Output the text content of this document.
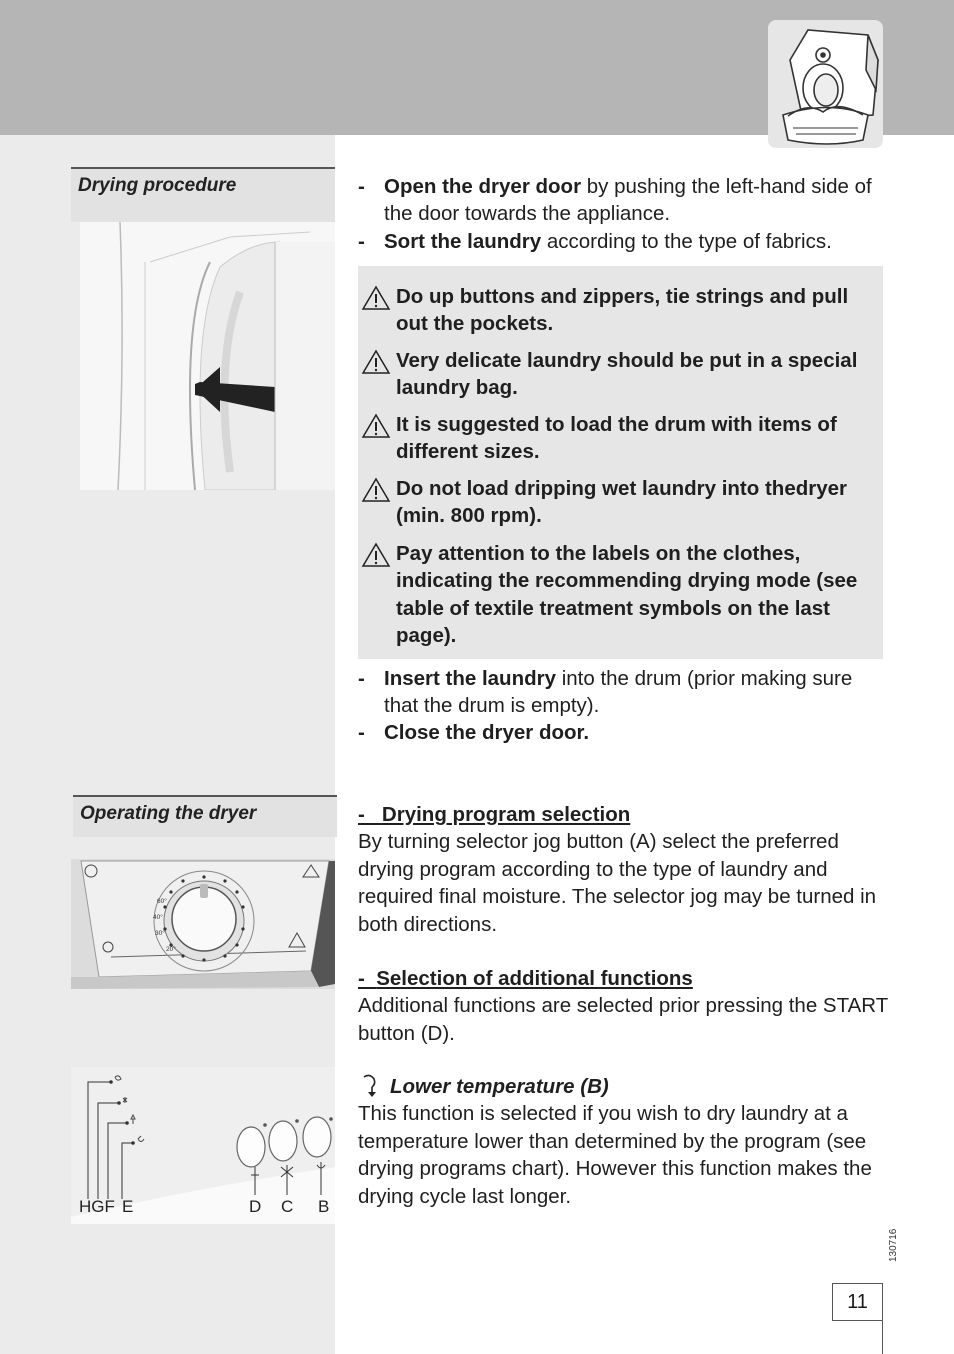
Drying procedure	- Open the dryer door by pushing the left-hand side of the door towards the appliance.
- Sort the laundry according to the type of fabrics.
Do up buttons and zippers, tie strings and pull out the pockets.
Very delicate laundry should be put in a special laundry bag.
It is suggested to load the drum with items of different sizes.
Do not load dripping wet laundry into thedryer (min. 800 rpm).
Pay attention to the labels on the clothes, indicating the recommending drying mode (see table of textile treatment symbols on the last page).
- Insert the laundry into the drum (prior making sure that the drum is empty).
- Close the dryer door.
Operating the dryer
60°
40°
30°
20°
HGF E	D C B
-   Drying program selection
By turning selector jog button (A) select the preferred drying program according to the type of laundry and required final moisture. The selector jog may be turned in both directions.
-  Selection of additional functions
Additional functions are selected prior pressing the START button (D).
Lower temperature (B)
This function is selected if you wish to dry laundry at a temperature lower than determined by the program (see drying programs chart). However this function makes the drying cycle last longer.
130716
11
